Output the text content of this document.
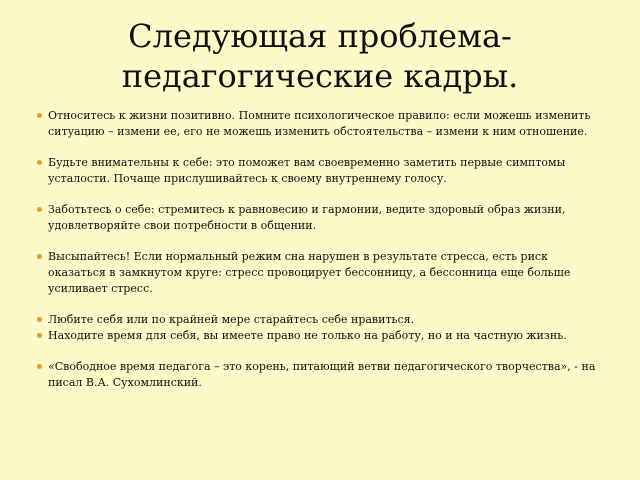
Следующая проблема-
педагогические кадры.
Относитесь к жизни позитивно. Помните психологическое правило: если можешь изменить ситуацию – измени ее, его не можешь изменить обстоятельства – измени к ним отношение.
Будьте внимательны к себе: это поможет вам своевременно заметить первые симптомы усталости. Почаще прислушивайтесь к своему внутреннему голосу.
Заботьтесь о себе: стремитесь к равновесию и гармонии, ведите здоровый образ жизни, удовлетворяйте свои потребности в общении.
Высыпайтесь! Если нормальный режим сна нарушен в результате стресса, есть риск оказаться в замкнутом круге: стресс провоцирует бессонницу, а бессонница еще больше усиливает стресс.
Любите себя или по крайней мере старайтесь себе нравиться.
Находите время для себя, вы имеете право не только на работу, но и на частную жизнь.
«Свободное время педагога – это корень, питающий ветви педагогического творчества», - на писал В.А. Сухомлинский.
